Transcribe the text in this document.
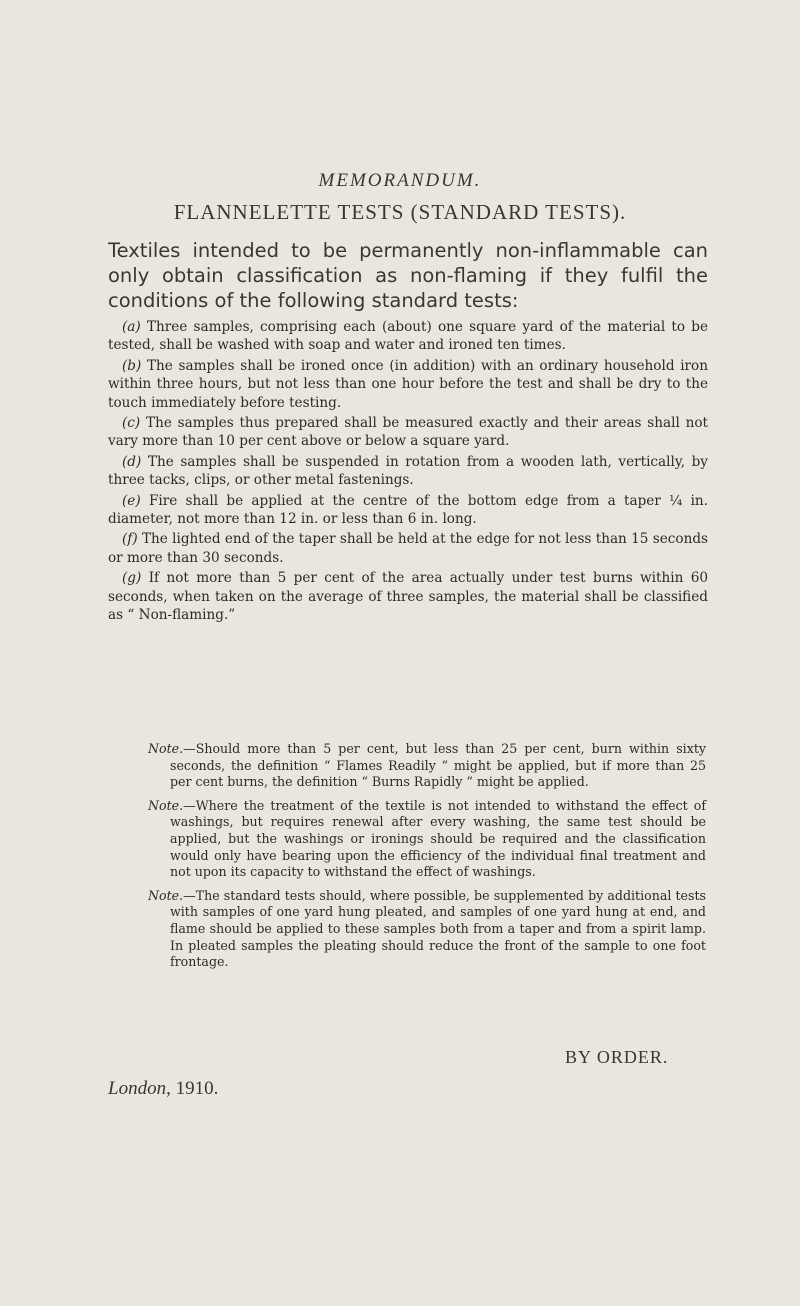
MEMORANDUM.
FLANNELETTE TESTS (STANDARD TESTS).
Textiles intended to be permanently non-inflammable can only obtain classification as non-flaming if they fulfil the conditions of the following standard tests:

(a) Three samples, comprising each (about) one square yard of the material to be tested, shall be washed with soap and water and ironed ten times.

(b) The samples shall be ironed once (in addition) with an ordinary household iron within three hours, but not less than one hour before the test and shall be dry to the touch immediately before testing.

(c) The samples thus prepared shall be measured exactly and their areas shall not vary more than 10 per cent above or below a square yard.

(d) The samples shall be suspended in rotation from a wooden lath, vertically, by three tacks, clips, or other metal fastenings.

(e) Fire shall be applied at the centre of the bottom edge from a taper ¼ in. diameter, not more than 12 in. or less than 6 in. long.

(f) The lighted end of the taper shall be held at the edge for not less than 15 seconds or more than 30 seconds.

(g) If not more than 5 per cent of the area actually under test burns within 60 seconds, when taken on the average of three samples, the material shall be classified as “ Non-flaming.”

Note.—Should more than 5 per cent, but less than 25 per cent, burn within sixty seconds, the definition “ Flames Readily ” might be applied, but if more than 25 per cent burns, the definition “ Burns Rapidly ” might be applied.

Note.—Where the treatment of the textile is not intended to withstand the effect of washings, but requires renewal after every washing, the same test should be applied, but the washings or ironings should be required and the classification would only have bearing upon the efficiency of the individual final treatment and not upon its capacity to withstand the effect of washings.

Note.—The standard tests should, where possible, be supplemented by additional tests with samples of one yard hung pleated, and samples of one yard hung at end, and flame should be applied to these samples both from a taper and from a spirit lamp. In pleated samples the pleating should reduce the front of the sample to one foot frontage.

BY ORDER.
London, 1910.
